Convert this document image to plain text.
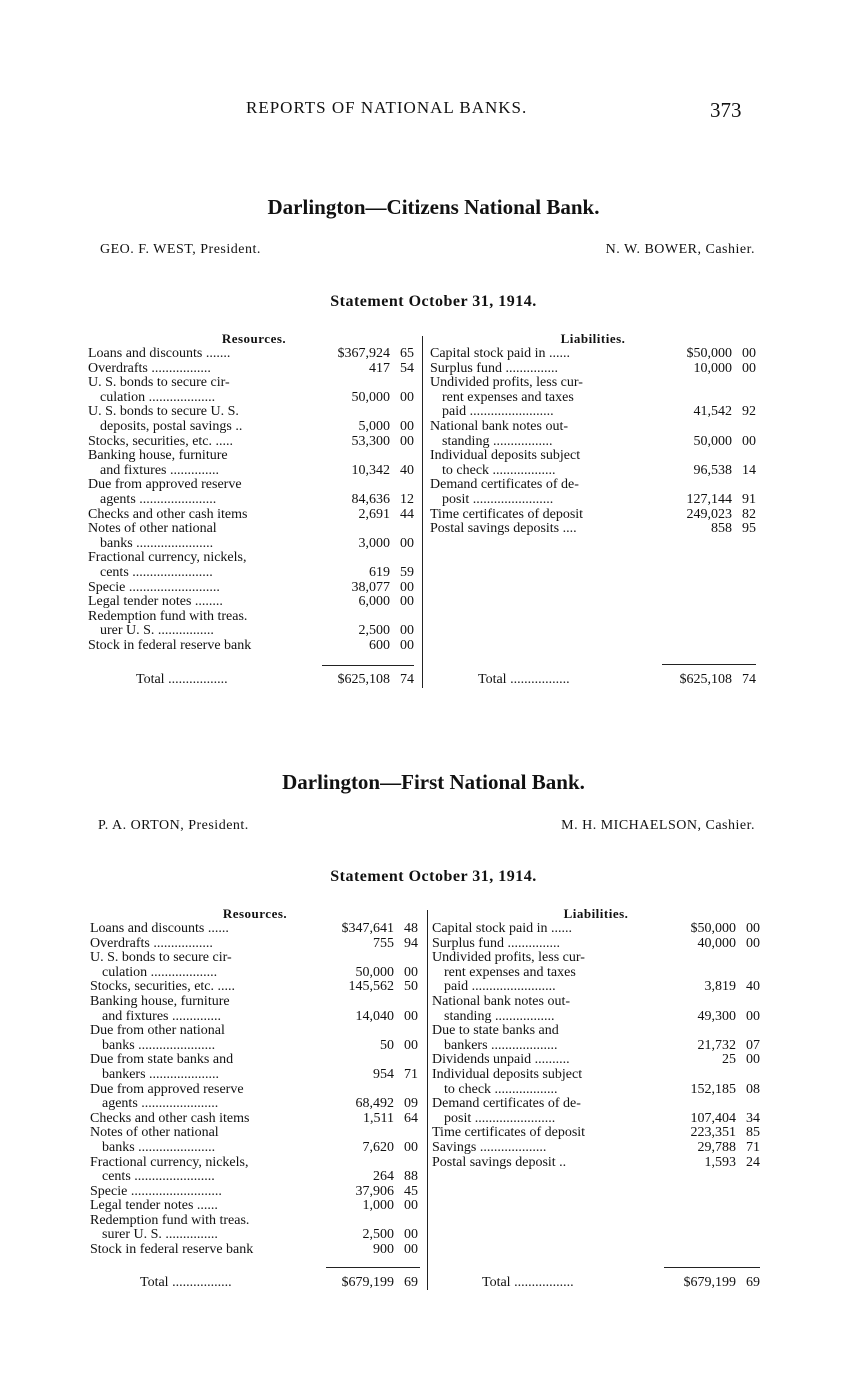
REPORTS OF NATIONAL BANKS.	373
Darlington—Citizens National Bank.
GEO. F. WEST, President.	N. W. BOWER, Cashier.
Statement October 31, 1914.
Resources.
Loans and discounts .......	$367,924 65
Overdrafts .................	417 54
U. S. bonds to secure cir-
culation ...................	50,000 00
U. S. bonds to secure U. S.
deposits, postal savings ..	5,000 00
Stocks, securities, etc. .....	53,300 00
Banking house, furniture
and fixtures ..............	10,342 40
Due from approved reserve
agents ......................	84,636 12
Checks and other cash items	2,691 44
Notes of other national
banks ......................	3,000 00
Fractional currency, nickels,
cents .......................	619 59
Specie ..........................	38,077 00
Legal tender notes ........	6,000 00
Redemption fund with treas.
urer U. S. ................	2,500 00
Stock in federal reserve bank	600 00
Liabilities.
Capital stock paid in ......	$50,000 00
Surplus fund ...............	10,000 00
Undivided profits, less cur-
rent expenses and taxes
paid ........................	41,542 92
National bank notes out-
standing .................	50,000 00
Individual deposits subject
to check ..................	96,538 14
Demand certificates of de-
posit .......................	127,144 91
Time certificates of deposit	249,023 82
Postal savings deposits ....	858 95
Total .................	$625,108 74	Total .................	$625,108 74
Darlington—First National Bank.
P. A. ORTON, President.	M. H. MICHAELSON, Cashier.
Statement October 31, 1914.
Resources.
Loans and discounts ......	$347,641 48
Overdrafts .................	755 94
U. S. bonds to secure cir-
culation ...................	50,000 00
Stocks, securities, etc. .....	145,562 50
Banking house, furniture
and fixtures ..............	14,040 00
Due from other national
banks ......................	50 00
Due from state banks and
bankers ....................	954 71
Due from approved reserve
agents ......................	68,492 09
Checks and other cash items	1,511 64
Notes of other national
banks ......................	7,620 00
Fractional currency, nickels,
cents .......................	264 88
Specie ..........................	37,906 45
Legal tender notes ......	1,000 00
Redemption fund with treas.
surer U. S. ...............	2,500 00
Stock in federal reserve bank	900 00
Liabilities.
Capital stock paid in ......	$50,000 00
Surplus fund ...............	40,000 00
Undivided profits, less cur-
rent expenses and taxes
paid ........................	3,819 40
National bank notes out-
standing .................	49,300 00
Due to state banks and
bankers ...................	21,732 07
Dividends unpaid ..........	25 00
Individual deposits subject
to check ..................	152,185 08
Demand certificates of de-
posit .......................	107,404 34
Time certificates of deposit	223,351 85
Savings ...................	29,788 71
Postal savings deposit ..	1,593 24
Total .................	$679,199 69	Total .................	$679,199 69
